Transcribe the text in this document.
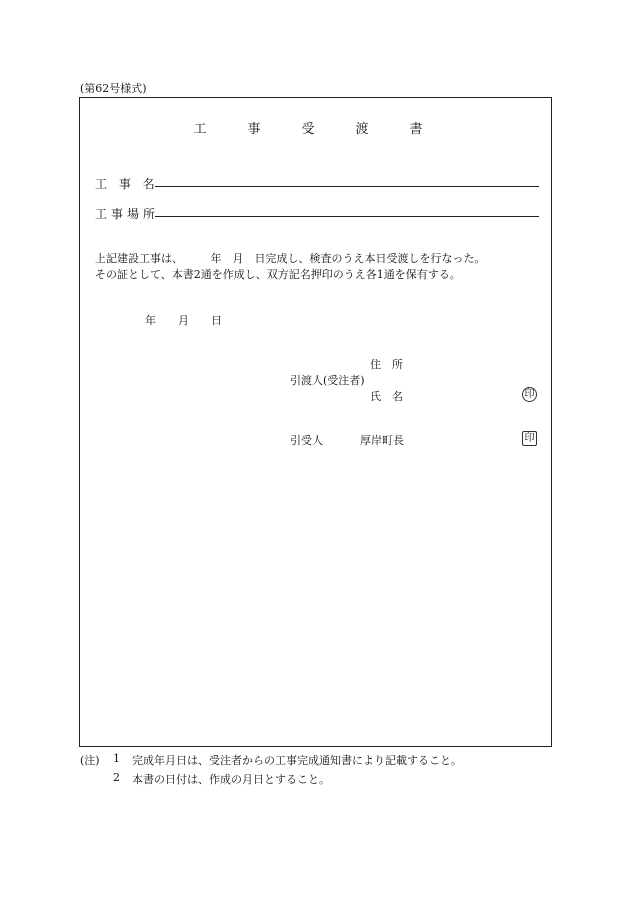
(第62号様式)
工　事　受　渡　書
工 事 名
工事場所
上記建設工事は、　　　年　月　日完成し、検査のうえ本日受渡しを行なった。
その証として、本書2通を作成し、双方記名押印のうえ各1通を保有する。
年　　月　　日
住　所
引渡人(受注者)
氏　名	印
引受人	厚岸町長	印
(注) 1 完成年月日は、受注者からの工事完成通知書により記載すること。
2 本書の日付は、作成の月日とすること。
